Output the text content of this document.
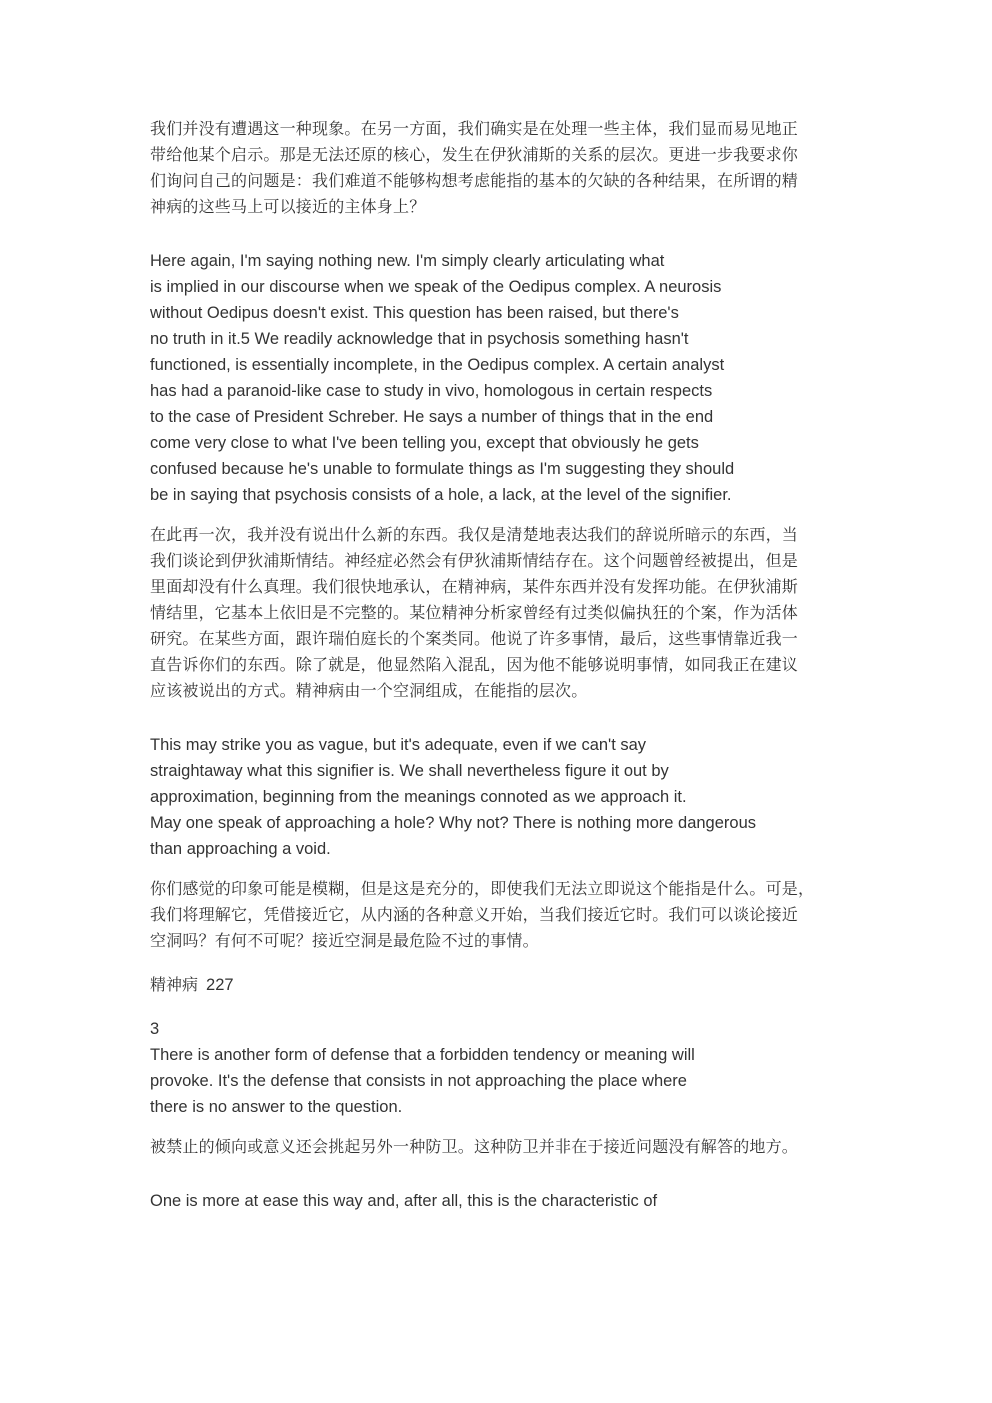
我们并没有遭遇这一种现象。在另一方面，我们确实是在处理一些主体，我们显而易见地正
带给他某个启示。那是无法还原的核心，发生在伊狄浦斯的关系的层次。更进一步我要求你
们询问自己的问题是：我们难道不能够构想考虑能指的基本的欠缺的各种结果，在所谓的精
神病的这些马上可以接近的主体身上？

Here again, I'm saying nothing new. I'm simply clearly articulating what
is implied in our discourse when we speak of the Oedipus complex. A neurosis
without Oedipus doesn't exist. This question has been raised, but there's
no truth in it.5 We readily acknowledge that in psychosis something hasn't
functioned, is essentially incomplete, in the Oedipus complex. A certain analyst
has had a paranoid-like case to study in vivo, homologous in certain respects
to the case of President Schreber. He says a number of things that in the end
come very close to what I've been telling you, except that obviously he gets
confused because he's unable to formulate things as I'm suggesting they should
be in saying that psychosis consists of a hole, a lack, at the level of the signifier.

在此再一次，我并没有说出什么新的东西。我仅是清楚地表达我们的辞说所暗示的东西，当
我们谈论到伊狄浦斯情结。神经症必然会有伊狄浦斯情结存在。这个问题曾经被提出，但是
里面却没有什么真理。我们很快地承认，在精神病，某件东西并没有发挥功能。在伊狄浦斯
情结里，它基本上依旧是不完整的。某位精神分析家曾经有过类似偏执狂的个案，作为活体
研究。在某些方面，跟许瑞伯庭长的个案类同。他说了许多事情，最后，这些事情靠近我一
直告诉你们的东西。除了就是，他显然陷入混乱，因为他不能够说明事情，如同我正在建议
应该被说出的方式。精神病由一个空洞组成，在能指的层次。

This may strike you as vague, but it's adequate, even if we can't say
straightaway what this signifier is. We shall nevertheless figure it out by
approximation, beginning from the meanings connoted as we approach it.
May one speak of approaching a hole? Why not? There is nothing more dangerous
than approaching a void.

你们感觉的印象可能是模糊，但是这是充分的，即使我们无法立即说这个能指是什么。可是，
我们将理解它，凭借接近它，从内涵的各种意义开始，当我们接近它时。我们可以谈论接近
空洞吗？有何不可呢？接近空洞是最危险不过的事情。

精神病 227

3

There is another form of defense that a forbidden tendency or meaning will
provoke. It's the defense that consists in not approaching the place where
there is no answer to the question.

被禁止的倾向或意义还会挑起另外一种防卫。这种防卫并非在于接近问题没有解答的地方。

One is more at ease this way and, after all, this is the characteristic of
